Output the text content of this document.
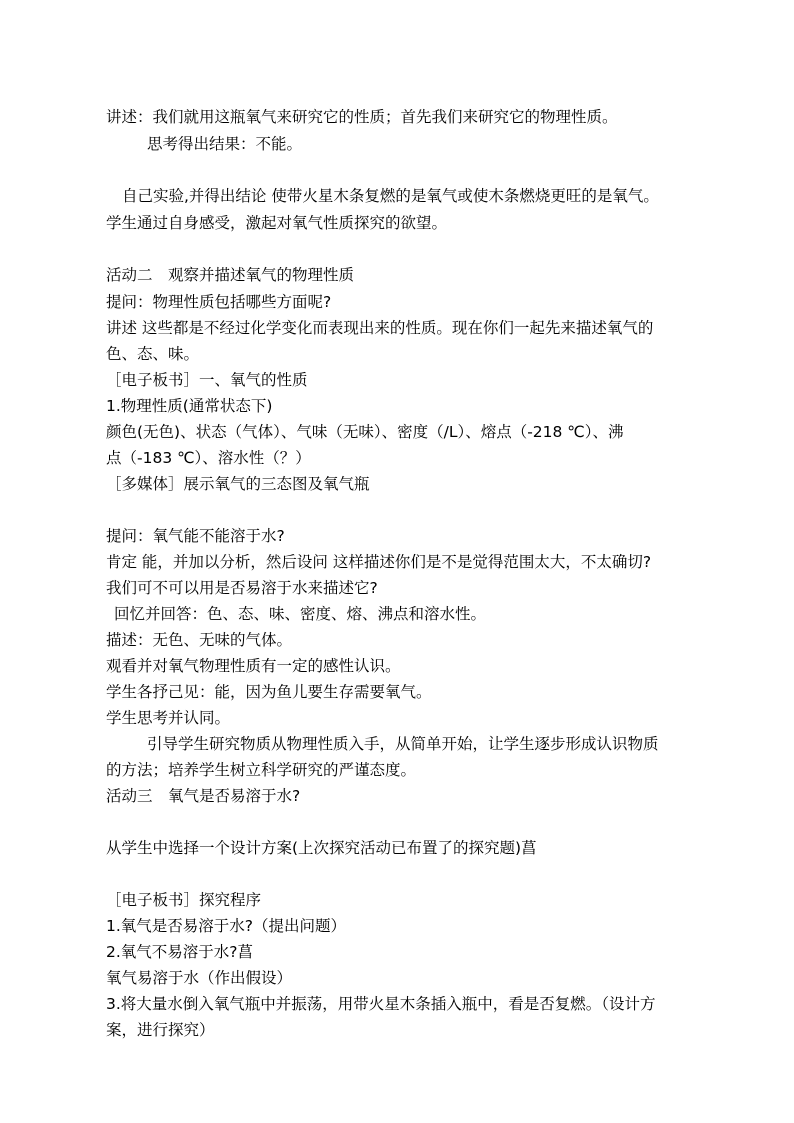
讲述：我们就用这瓶氧气来研究它的性质；首先我们来研究它的物理性质。
思考得出结果：不能。
自己实验,并得出结论 使带火星木条复燃的是氧气或使木条燃烧更旺的是氧气。
学生通过自身感受，激起对氧气性质探究的欲望。
活动二　观察并描述氧气的物理性质
提问：物理性质包括哪些方面呢?
讲述 这些都是不经过化学变化而表现出来的性质。现在你们一起先来描述氧气的
色、态、味。
［电子板书］一、氧气的性质
1.物理性质(通常状态下)
颜色(无色)、状态（气体）、气味（无味）、密度（/L）、熔点（-218 ℃）、沸
点（-183 ℃）、溶水性（？）
［多媒体］展示氧气的三态图及氧气瓶
提问：氧气能不能溶于水?
肯定 能，并加以分析，然后设问 这样描述你们是不是觉得范围太大，不太确切?
我们可不可以用是否易溶于水来描述它?
回忆并回答：色、态、味、密度、熔、沸点和溶水性。
描述：无色、无味的气体。
观看并对氧气物理性质有一定的感性认识。
学生各抒己见：能，因为鱼儿要生存需要氧气。
学生思考并认同。
引导学生研究物质从物理性质入手，从简单开始，让学生逐步形成认识物质
的方法；培养学生树立科学研究的严谨态度。
活动三　氧气是否易溶于水?
从学生中选择一个设计方案(上次探究活动已布置了的探究题)菖
［电子板书］探究程序
1.氧气是否易溶于水?（提出问题）
2.氧气不易溶于水?菖
氧气易溶于水（作出假设）
3.将大量水倒入氧气瓶中并振荡，用带火星木条插入瓶中，看是否复燃。（设计方
案，进行探究）
